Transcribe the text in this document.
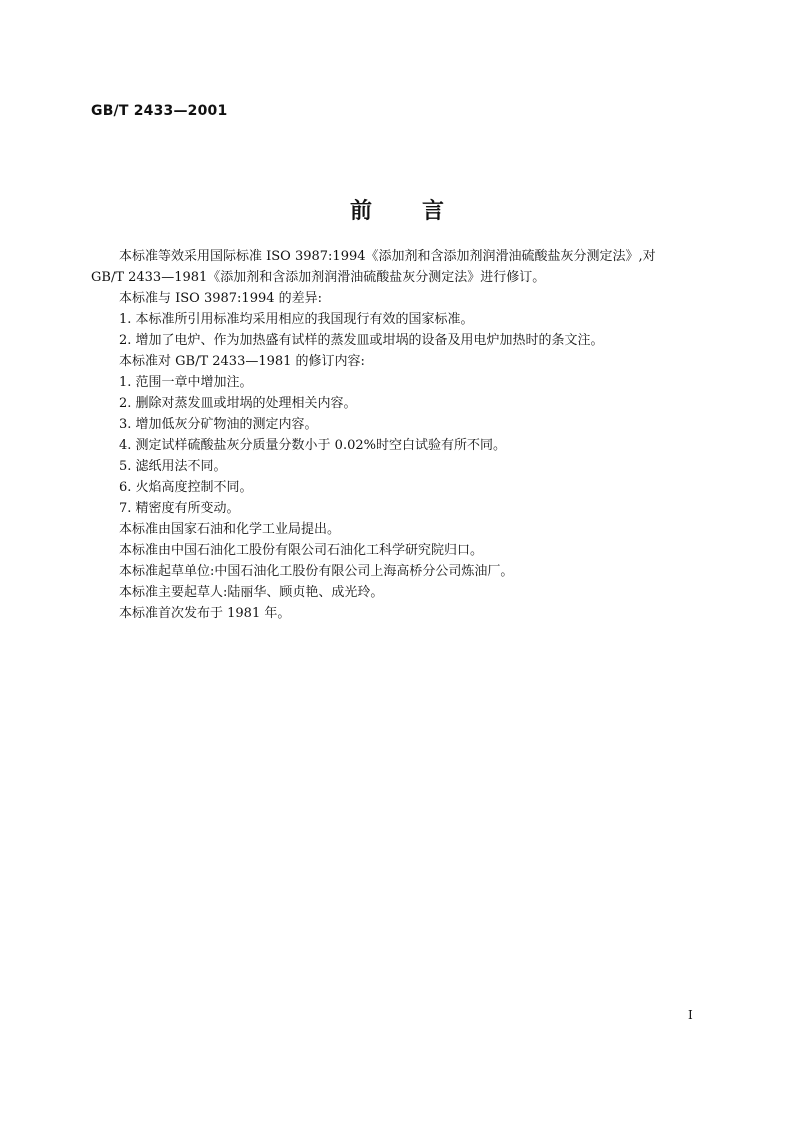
GB/T 2433—2001
前 言

本标准等效采用国际标准 ISO 3987:1994《添加剂和含添加剂润滑油硫酸盐灰分测定法》,对

GB/T 2433—1981《添加剂和含添加剂润滑油硫酸盐灰分测定法》进行修订。

本标准与 ISO 3987:1994 的差异:

1. 本标准所引用标准均采用相应的我国现行有效的国家标准。

2. 增加了电炉、作为加热盛有试样的蒸发皿或坩埚的设备及用电炉加热时的条文注。

本标准对 GB/T 2433—1981 的修订内容:

1. 范围一章中增加注。

2. 删除对蒸发皿或坩埚的处理相关内容。

3. 增加低灰分矿物油的测定内容。

4. 测定试样硫酸盐灰分质量分数小于 0.02%时空白试验有所不同。

5. 滤纸用法不同。

6. 火焰高度控制不同。

7. 精密度有所变动。

本标准由国家石油和化学工业局提出。

本标准由中国石油化工股份有限公司石油化工科学研究院归口。

本标准起草单位:中国石油化工股份有限公司上海高桥分公司炼油厂。

本标准主要起草人:陆丽华、顾贞艳、成光玲。

本标准首次发布于 1981 年。

I
